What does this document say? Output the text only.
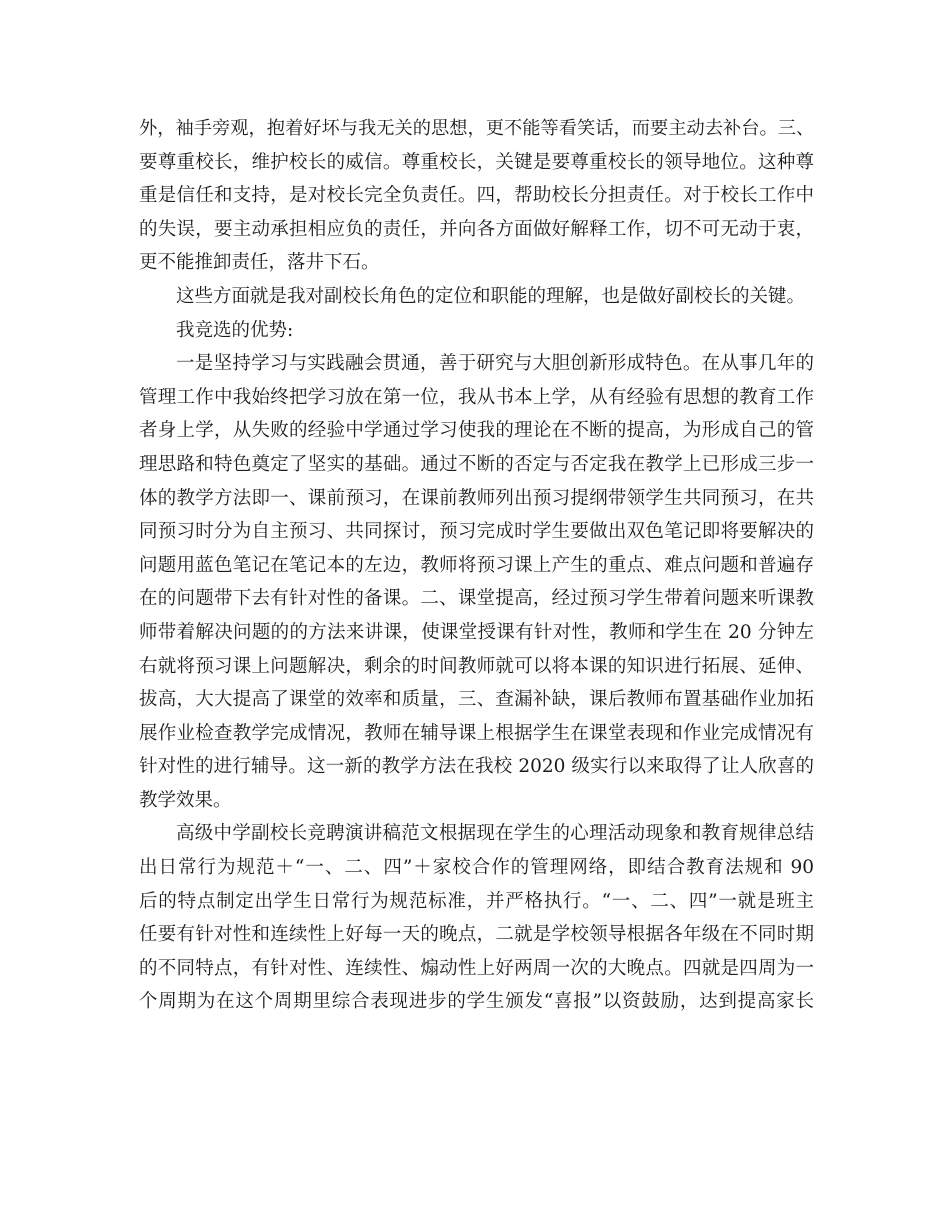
外，袖手旁观，抱着好坏与我无关的思想，更不能等看笑话，而要主动去补台。三、
要尊重校长，维护校长的威信。尊重校长，关键是要尊重校长的领导地位。这种尊
重是信任和支持，是对校长完全负责任。四，帮助校长分担责任。对于校长工作中
的失误，要主动承担相应负的责任，并向各方面做好解释工作，切不可无动于衷，
更不能推卸责任，落井下石。
这些方面就是我对副校长角色的定位和职能的理解，也是做好副校长的关键。
我竞选的优势:
一是坚持学习与实践融会贯通，善于研究与大胆创新形成特色。在从事几年的
管理工作中我始终把学习放在第一位，我从书本上学，从有经验有思想的教育工作
者身上学，从失败的经验中学通过学习使我的理论在不断的提高，为形成自己的管
理思路和特色奠定了坚实的基础。通过不断的否定与否定我在教学上已形成三步一
体的教学方法即一、课前预习，在课前教师列出预习提纲带领学生共同预习，在共
同预习时分为自主预习、共同探讨，预习完成时学生要做出双色笔记即将要解决的
问题用蓝色笔记在笔记本的左边，教师将预习课上产生的重点、难点问题和普遍存
在的问题带下去有针对性的备课。二、课堂提高，经过预习学生带着问题来听课教
师带着解决问题的的方法来讲课，使课堂授课有针对性，教师和学生在 20 分钟左
右就将预习课上问题解决，剩余的时间教师就可以将本课的知识进行拓展、延伸、
拔高，大大提高了课堂的效率和质量，三、查漏补缺，课后教师布置基础作业加拓
展作业检查教学完成情况，教师在辅导课上根据学生在课堂表现和作业完成情况有
针对性的进行辅导。这一新的教学方法在我校 2020 级实行以来取得了让人欣喜的
教学效果。
高级中学副校长竞聘演讲稿范文根据现在学生的心理活动现象和教育规律总结
出日常行为规范＋“一、二、四”＋家校合作的管理网络，即结合教育法规和 90
后的特点制定出学生日常行为规范标准，并严格执行。“一、二、四”一就是班主
任要有针对性和连续性上好每一天的晚点，二就是学校领导根据各年级在不同时期
的不同特点，有针对性、连续性、煽动性上好两周一次的大晚点。四就是四周为一
个周期为在这个周期里综合表现进步的学生颁发“喜报”以资鼓励，达到提高家长
